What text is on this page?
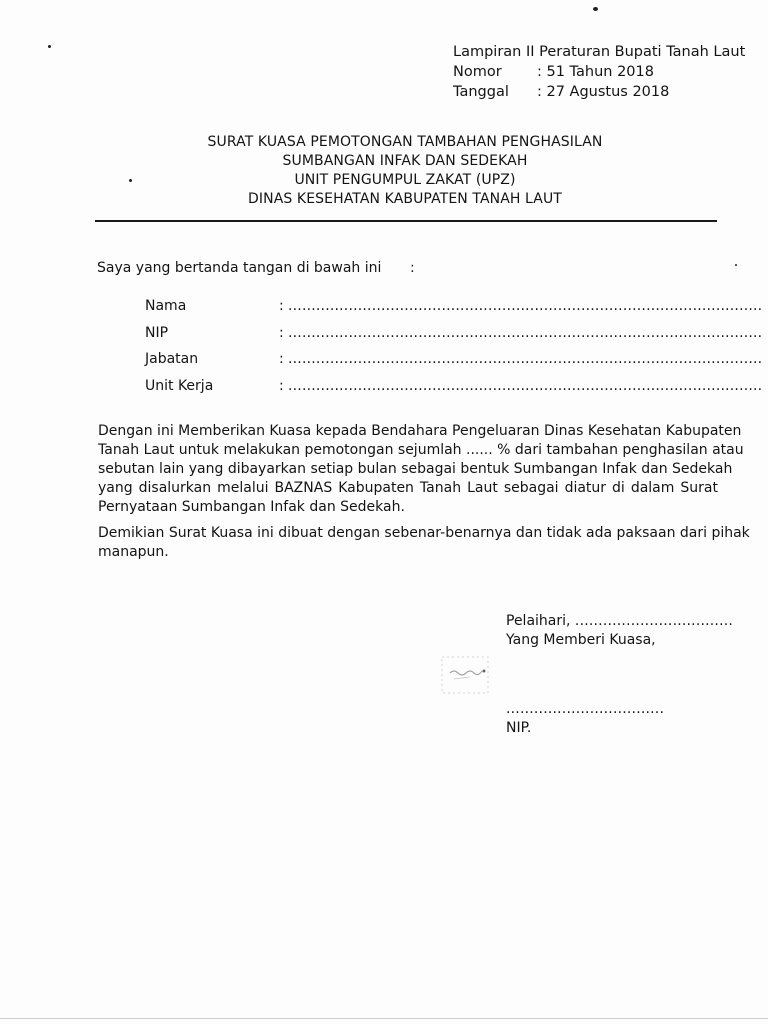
Lampiran II Peraturan Bupati Tanah Laut
Nomor	: 51 Tahun 2018
Tanggal	: 27 Agustus 2018
SURAT KUASA PEMOTONGAN TAMBAHAN PENGHASILAN
SUMBANGAN INFAK DAN SEDEKAH
UNIT PENGUMPUL ZAKAT (UPZ)
DINAS KESEHATAN KABUPATEN TANAH LAUT
Saya yang bertanda tangan di bawah ini :
Nama	: ......................................................................................................
NIP	: ......................................................................................................
Jabatan	: ......................................................................................................
Unit Kerja	: ......................................................................................................
Dengan ini Memberikan Kuasa kepada Bendahara Pengeluaran Dinas Kesehatan Kabupaten
Tanah Laut untuk melakukan pemotongan sejumlah ...... % dari tambahan penghasilan atau
sebutan lain yang dibayarkan setiap bulan sebagai bentuk Sumbangan Infak dan Sedekah
yang disalurkan melalui BAZNAS Kabupaten Tanah Laut sebagai diatur di dalam Surat
Pernyataan Sumbangan Infak dan Sedekah.
Demikian Surat Kuasa ini dibuat dengan sebenar-benarnya dan tidak ada paksaan dari pihak
manapun.
Pelaihari, ..................................
Yang Memberi Kuasa,
..................................
NIP.
